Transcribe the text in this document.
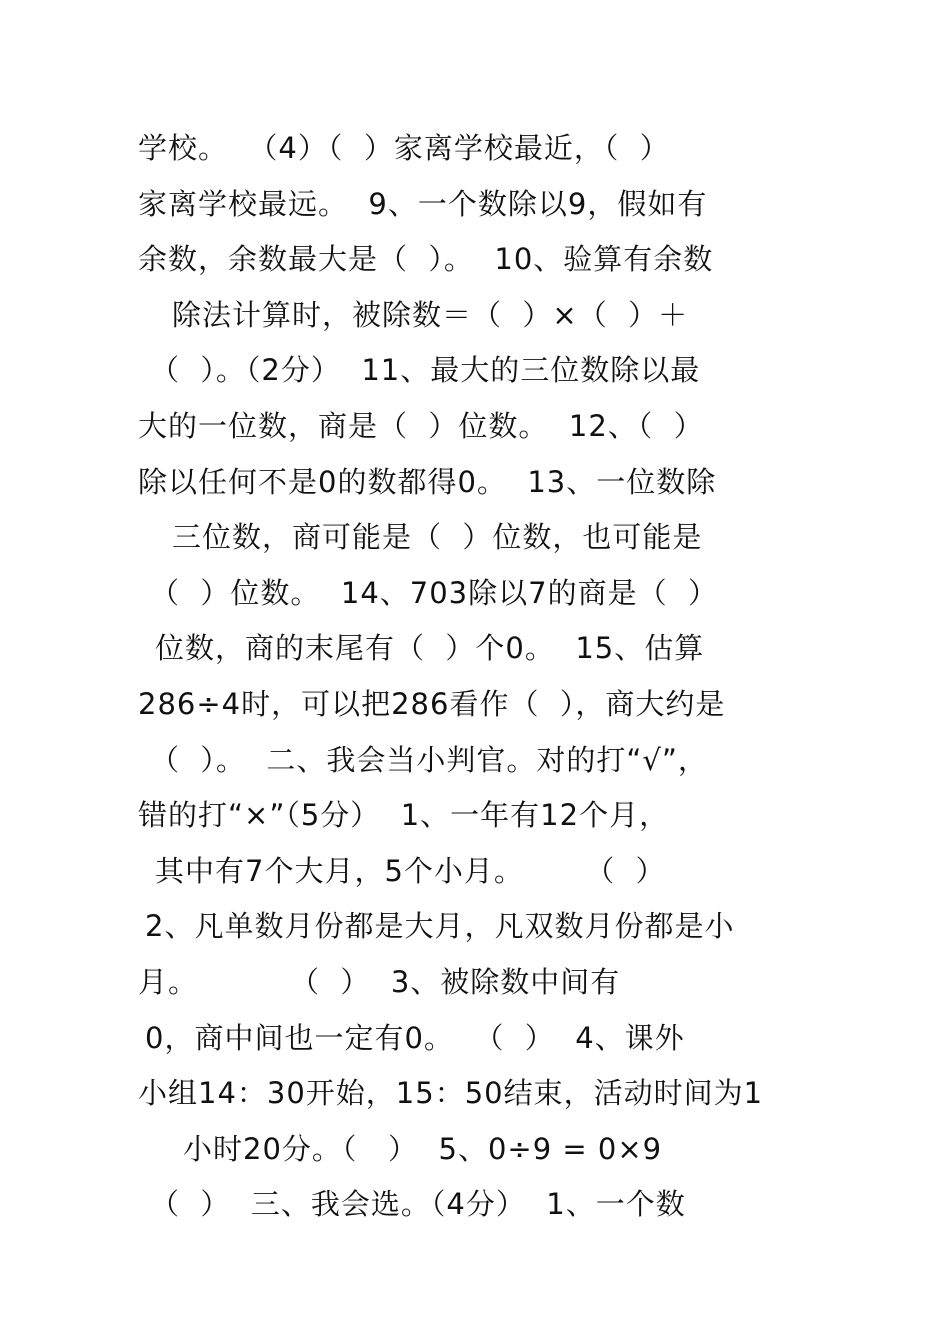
学校。  （4）（  ）家离学校最近，（  ）
家离学校最远。  9、一个数除以9，假如有
余数，余数最大是（  ）。  10、验算有余数
除法计算时，被除数＝（  ）×（  ）＋
（  ）。（2分）  11、最大的三位数除以最
大的一位数，商是（  ）位数。  12、（  ）
除以任何不是0的数都得0。  13、一位数除
三位数，商可能是（  ）位数，也可能是
（  ）位数。  14、703除以7的商是（  ）
位数，商的末尾有（  ）个0。  15、估算
286÷4时，可以把286看作（  ），商大约是
（  ）。  二、我会当小判官。对的打“√”，
错的打“×”（5分）  1、一年有12个月，
其中有7个大月，5个小月。      （  ）
2、凡单数月份都是大月，凡双数月份都是小
月。         （  ）  3、被除数中间有
0，商中间也一定有0。  （  ）  4、课外
小组14：30开始，15：50结束，活动时间为1
小时20分。（   ）  5、0÷9 = 0×9
（  ）  三、我会选。（4分）  1、一个数
